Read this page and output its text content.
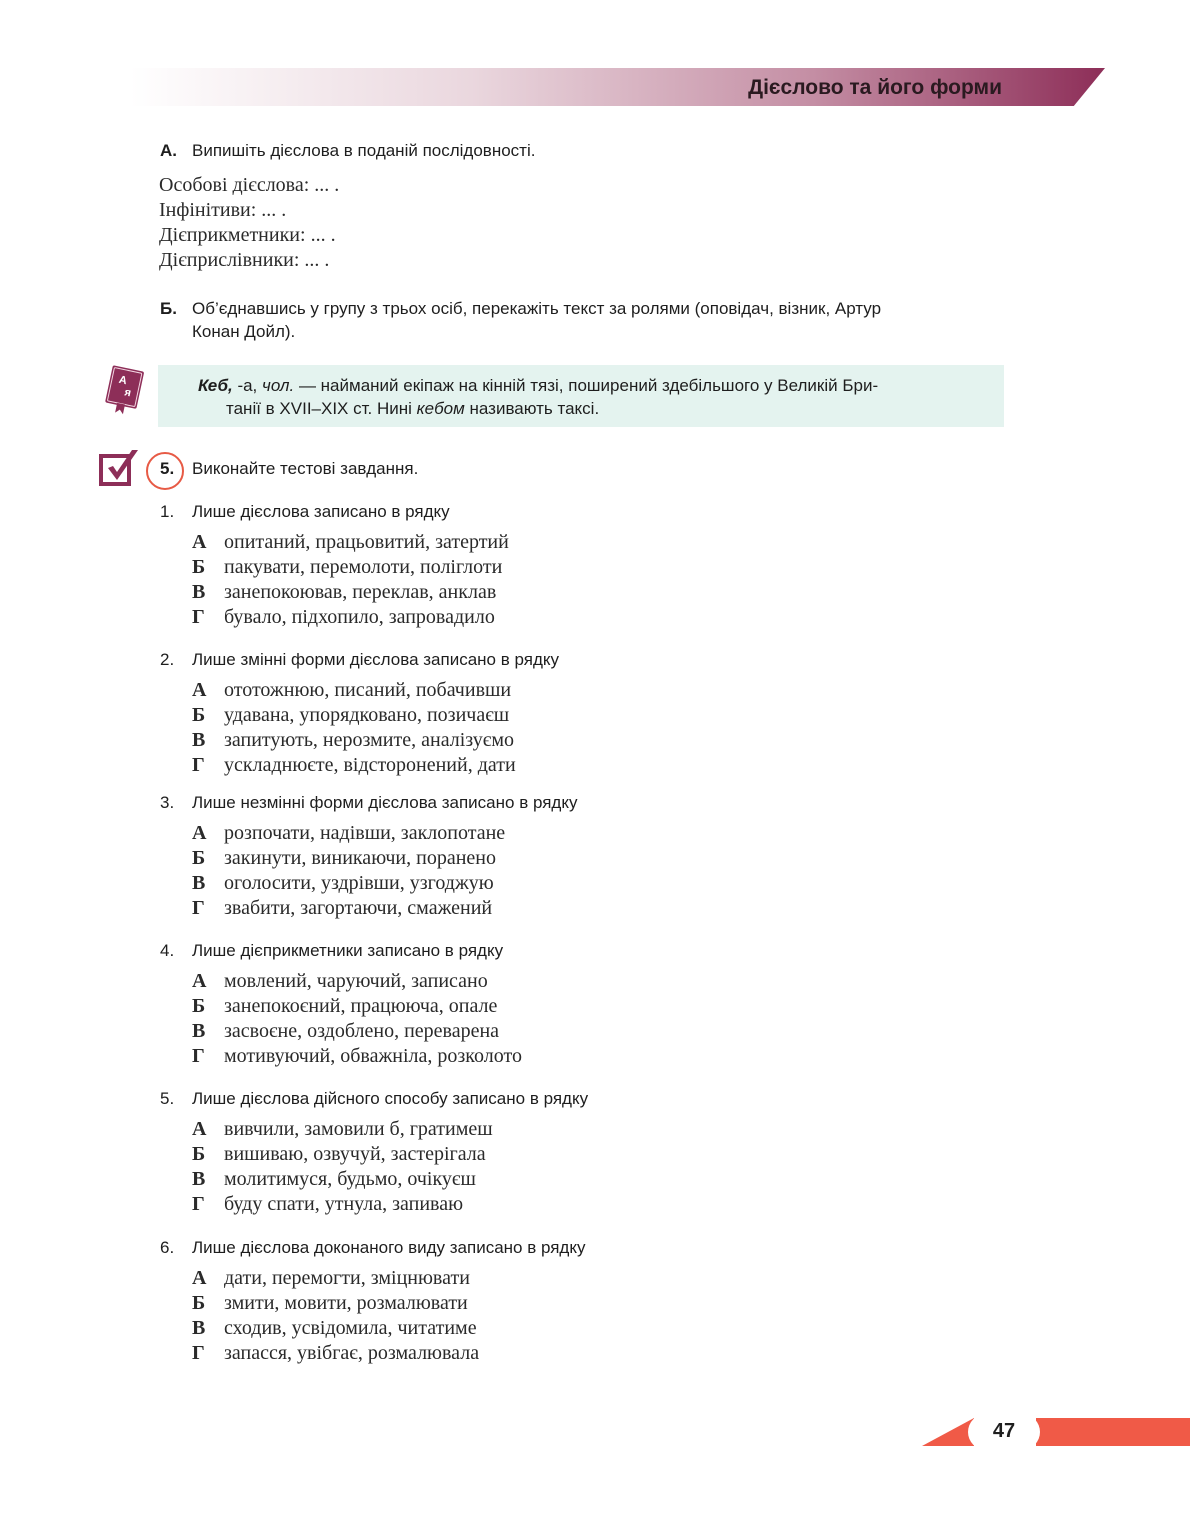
Дієслово та його форми
А. Випишіть дієслова в поданій послідовності.
Особові дієслова: ... .
Інфінітиви: ... .
Дієприкметники: ... .
Дієприслівники: ... .
Б. Об’єднавшись у групу з трьох осіб, перекажіть текст за ролями (оповідач, візник, Артур
Конан Дойл).
А
я	Кеб, -а, чол. — найманий екіпаж на кінній тязі, поширений здебільшого у Великій Бри-
танії в XVII–XIX ст. Нині кебом називають таксі.
5. Виконайте тестові завдання.
1. Лише дієслова записано в рядку
А опитаний, працьовитий, затертий
Б пакувати, перемолоти, поліглоти
В занепокоював, переклав, анклав
Г бувало, підхопило, запровадило
2. Лише змінні форми дієслова записано в рядку
А ототожнюю, писаний, побачивши
Б удавана, упорядковано, позичаєш
В запитують, нерозмите, аналізуємо
Г ускладнюєте, відсторонений, дати
3. Лише незмінні форми дієслова записано в рядку
А розпочати, надівши, заклопотане
Б закинути, виникаючи, поранено
В оголосити, уздрівши, узгоджую
Г звабити, загортаючи, смажений
4. Лише дієприкметники записано в рядку
А мовлений, чаруючий, записано
Б занепокоєний, працююча, опале
В засвоєне, оздоблено, переварена
Г мотивуючий, обважніла, розколото
5. Лише дієслова дійсного способу записано в рядку
А вивчили, замовили б, гратимеш
Б вишиваю, озвучуй, застерігала
В молитимуся, будьмо, очікуєш
Г буду спати, утнула, запиваю
6. Лише дієслова доконаного виду записано в рядку
А дати, перемогти, зміцнювати
Б змити, мовити, розмалювати
В сходив, усвідомила, читатиме
Г запасся, увібгає, розмалювала
47
